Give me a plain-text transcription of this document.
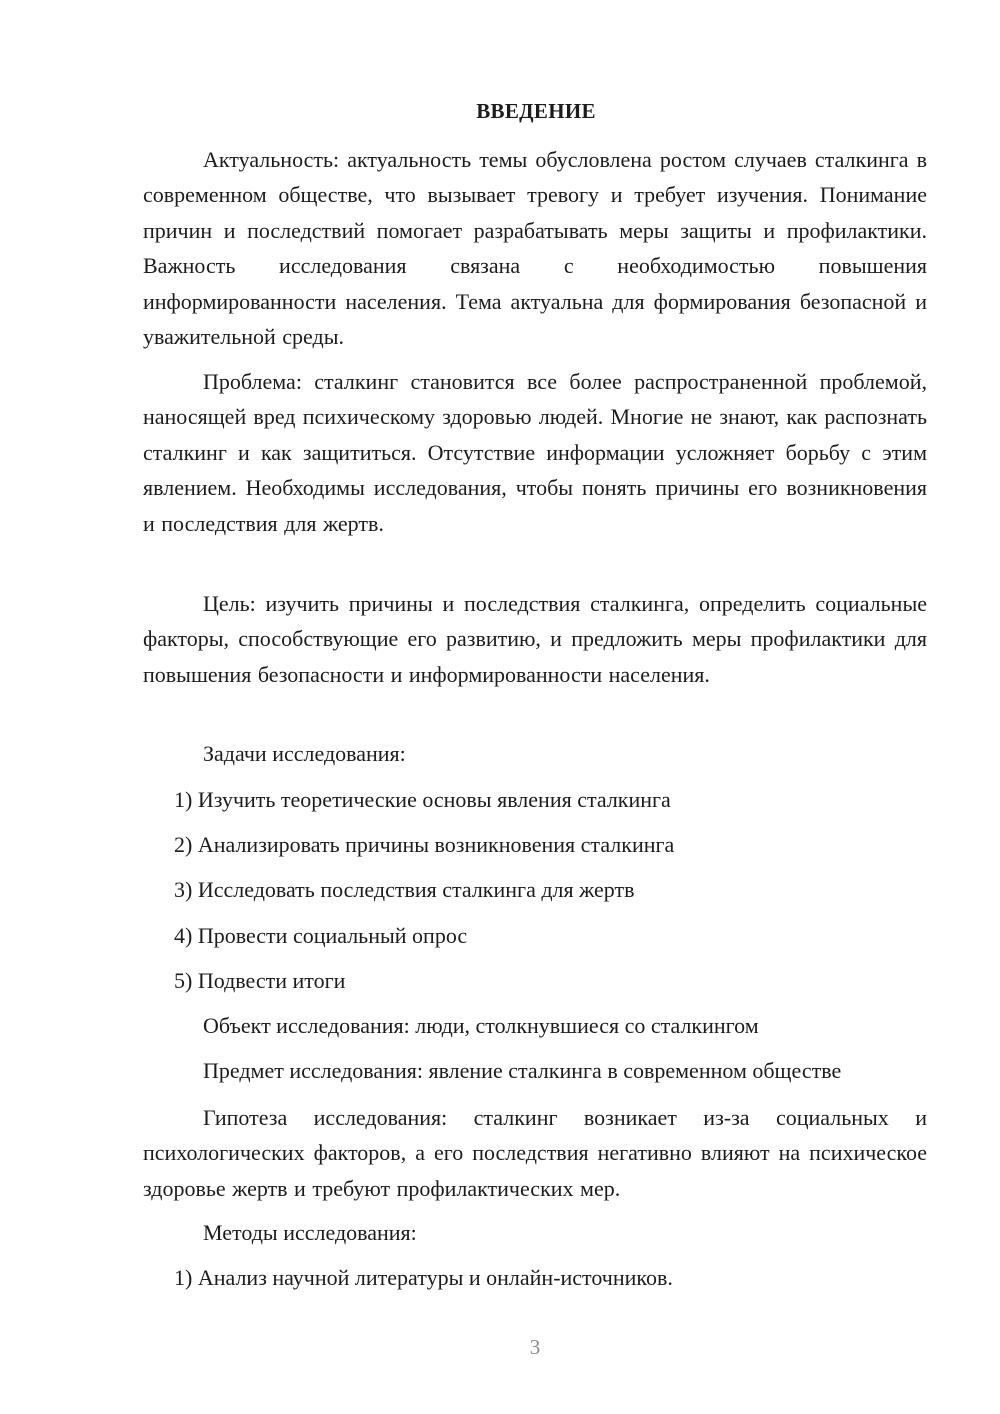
ВВЕДЕНИЕ
Актуальность: актуальность темы обусловлена ростом случаев сталкинга в современном обществе, что вызывает тревогу и требует изучения. Понимание причин и последствий помогает разрабатывать меры защиты и профилактики. Важность исследования связана с необходимостью повышения информированности населения. Тема актуальна для формирования безопасной и уважительной среды.
Проблема: сталкинг становится все более распространенной проблемой, наносящей вред психическому здоровью людей. Многие не знают, как распознать сталкинг и как защититься. Отсутствие информации усложняет борьбу с этим явлением. Необходимы исследования, чтобы понять причины его возникновения и последствия для жертв.
Цель: изучить причины и последствия сталкинга, определить социальные факторы, способствующие его развитию, и предложить меры профилактики для повышения безопасности и информированности населения.
Задачи исследования:
1) Изучить теоретические основы явления сталкинга
2) Анализировать причины возникновения сталкинга
3) Исследовать последствия сталкинга для жертв
4) Провести социальный опрос
5) Подвести итоги
Объект исследования: люди, столкнувшиеся со сталкингом
Предмет исследования: явление сталкинга в современном обществе
Гипотеза исследования: сталкинг возникает из-за социальных и психологических факторов, а его последствия негативно влияют на психическое здоровье жертв и требуют профилактических мер.
Методы исследования:
1) Анализ научной литературы и онлайн-источников.
3
